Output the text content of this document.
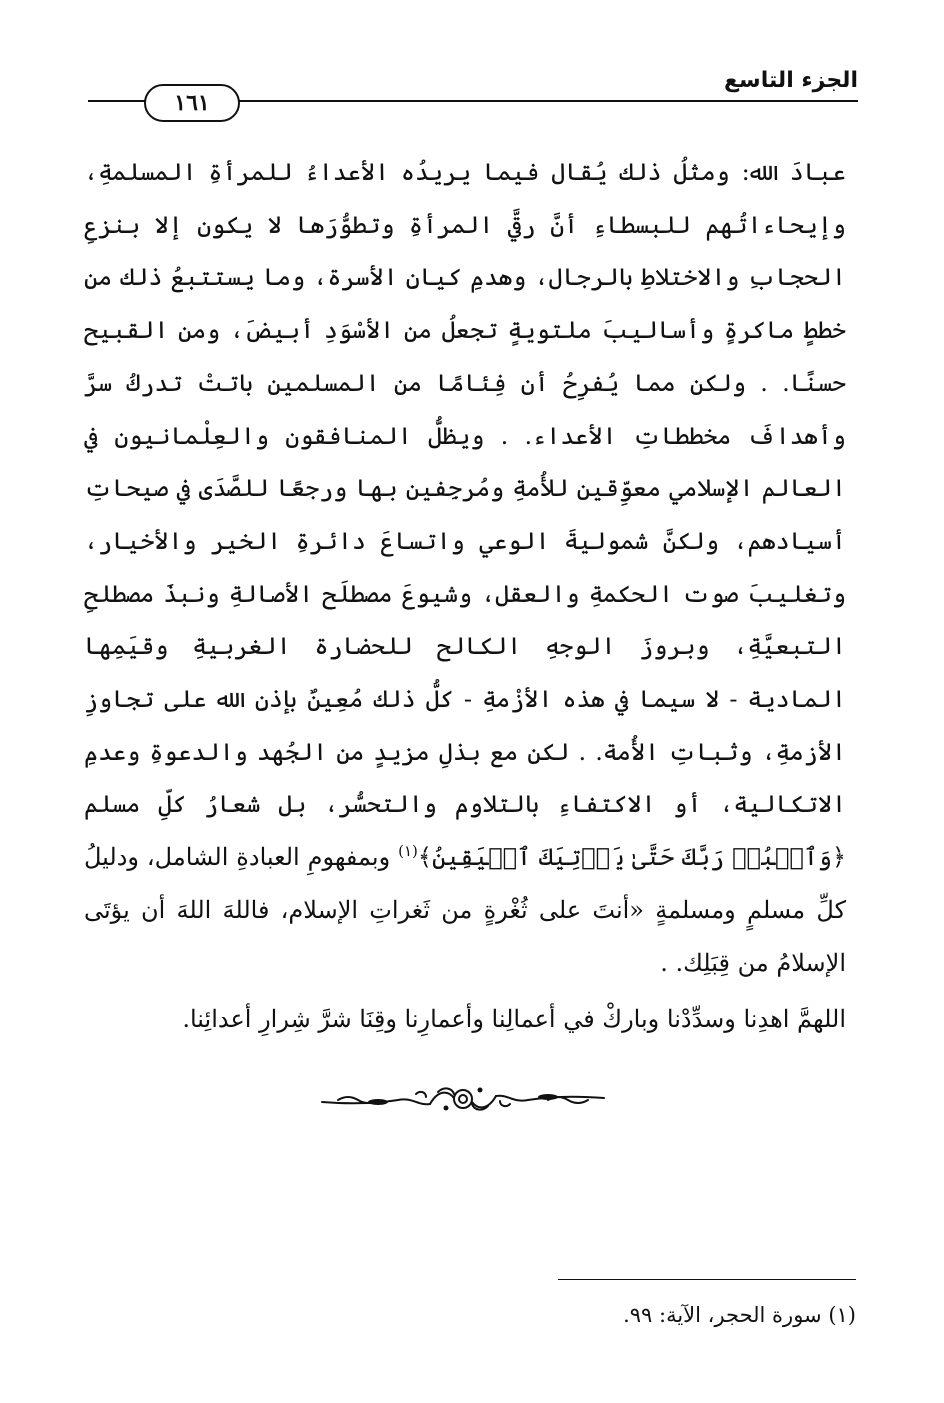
الجزء التاسع
١٦١

عبادَ الله: ومثلُ ذلك يُقال فيما يريدُه الأعداءُ للمرأةِ المسلمةِ، وإيحاءاتُهم للبسطاءِ أنَّ رقيَّ المرأةِ وتطوُّرَها لا يكون إلا بنزعِ الحجابِ والاختلاطِ بالرجال، وهدمِ كيانِ الأسرة، وما يستتبعُ ذلك من خططٍ ماكرةٍ وأساليبَ ملتويةٍ تجعلُ من الأسْوَدِ أبيضَ، ومن القبيح حسنًا. . ولكن مما يُفرِحُ أن فِئامًا من المسلمين باتتْ تدركُ سرَّ وأهدافَ مخططاتِ الأعداء. . ويظلُّ المنافقون والعِلْمانيون في العالم الإسلامي معوِّقين للأُمةِ ومُرجِفين بها ورجعًا للصَّدَى في صيحاتِ أسيادهم، ولكنَّ شموليةَ الوعي واتساعَ دائرةِ الخير والأخيار، وتغليبَ صوت الحكمةِ والعقل، وشيوعَ مصطلَح الأصالةِ ونبذَ مصطلحِ التبعيَّةِ، وبروزَ الوجهِ الكالح للحضارة الغربيةِ وقيَمِها المادية - لا سيما في هذه الأزْمةِ - كلُّ ذلك مُعِينٌ بإذنِ الله على تجاوزِ الأزمةِ، وثباتِ الأُمة. . لكن مع بذلِ مزيدٍ من الجُهد والدعوةِ وعدمِ الاتكالية، أو الاكتفاءِ بالتلاوم والتحسُّر، بل شعارُ كلِّ مسلم ﴿وَٱعۡبُدۡ رَبَّكَ حَتَّىٰ يَأۡتِيَكَ ٱلۡيَقِينُ﴾$^{(١)}$ وبمفهومِ العبادةِ الشامل، ودليلُ كلِّ مسلمٍ ومسلمةٍ «أنتَ على ثُغْرةٍ من ثَغراتِ الإسلام، فاللهَ اللهَ أن يؤتَى الإسلامُ من قِبَلِك. .

اللهمَّ اهدِنا وسدِّدْنا وباركْ في أعمالِنا وأعمارِنا وقِنَا شرَّ شِرارِ أعدائِنا.

(١) سورة الحجر، الآية: ٩٩.
